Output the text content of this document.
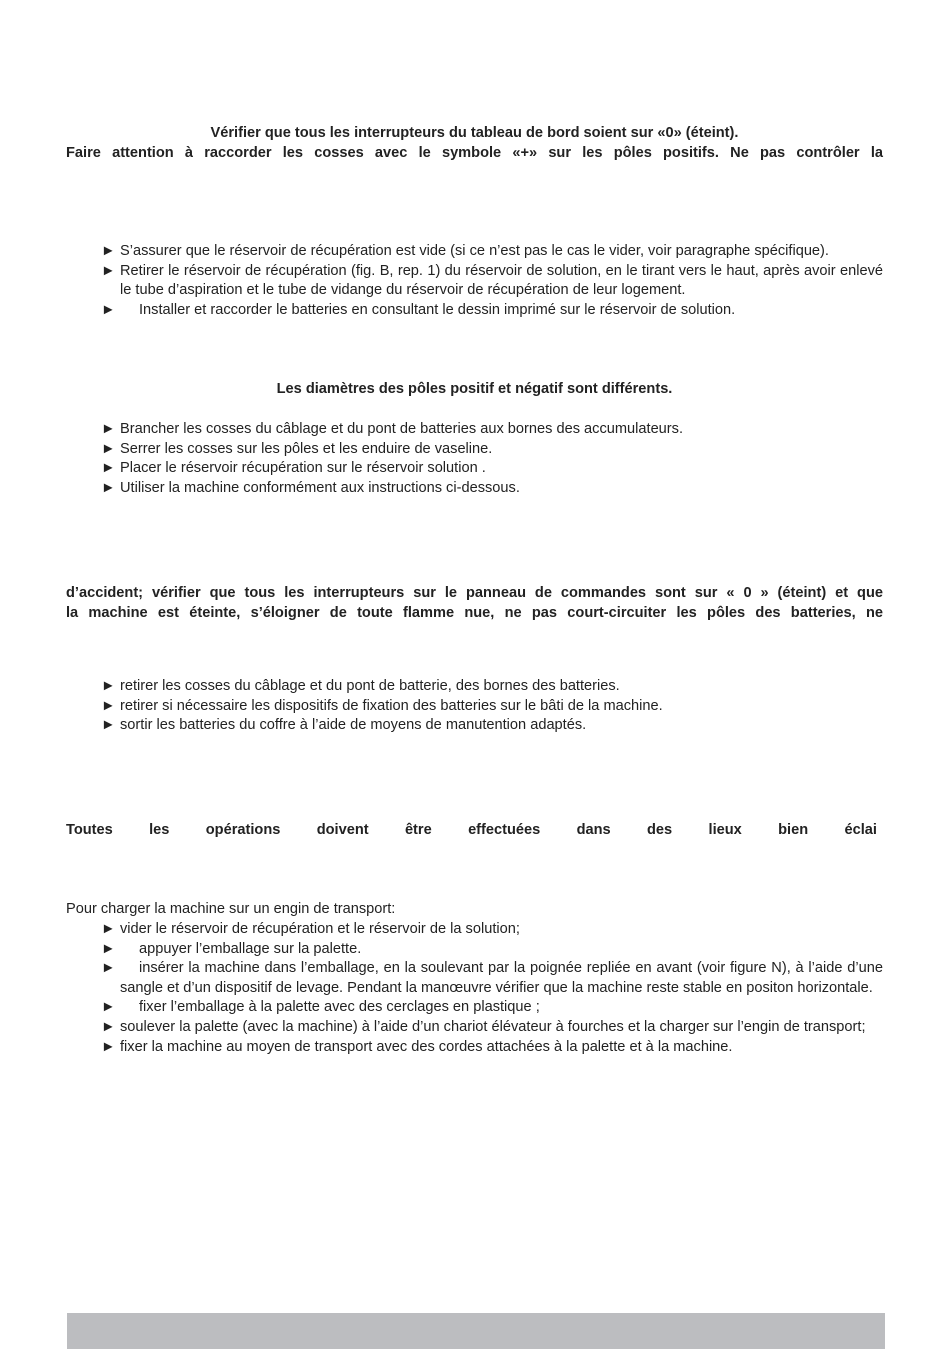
Vérifier que tous les interrupteurs du tableau de bord soient sur «0» (éteint).
Faire attention à raccorder les cosses avec le symbole «+» sur les pôles positifs. Ne pas contrôler la
► S’assurer que le réservoir de récupération est vide (si ce n’est pas le cas le vider, voir paragraphe spécifique).
► Retirer le réservoir de récupération (fig. B, rep. 1) du réservoir de solution, en le tirant vers le haut, après avoir enlevé le tube d’aspiration et le tube de vidange du réservoir de récupération de leur logement.
► Installer et raccorder le batteries en consultant le dessin imprimé sur le réservoir de solution.
Les diamètres des pôles positif et négatif sont différents.
► Brancher les cosses du câblage et du pont de batteries aux bornes des accumulateurs.
► Serrer les cosses sur les pôles et les enduire de vaseline.
► Placer le réservoir récupération sur le réservoir solution .
► Utiliser la machine conformément aux instructions ci-dessous.
d’accident; vérifier que tous les interrupteurs sur le panneau de commandes sont sur « 0 » (éteint) et que
la machine est éteinte, s’éloigner de toute flamme nue, ne pas court-circuiter les pôles des batteries, ne
► retirer les cosses du câblage et du pont de batterie, des bornes des batteries.
► retirer si nécessaire les dispositifs de fixation des batteries sur le bâti de la machine.
► sortir les batteries du coffre à l’aide de moyens de manutention adaptés.
Toutes les opérations doivent être effectuées dans des lieux bien éclai
Pour charger la machine sur un engin de transport:
► vider le réservoir de récupération et le réservoir de la solution;
► appuyer l’emballage sur la palette.
► insérer la machine dans l’emballage, en la soulevant par la poignée repliée en avant (voir figure N), à l’aide d’une sangle et d’un dispositif de levage. Pendant la manœuvre vérifier que la machine reste stable en positon horizontale.
► fixer l’emballage à la palette avec des cerclages en plastique ;
► soulever la palette (avec la machine) à l’aide d’un chariot élévateur à fourches et la charger sur l’engin de transport;
► fixer la machine au moyen de transport avec des cordes attachées à la palette et à la machine.
